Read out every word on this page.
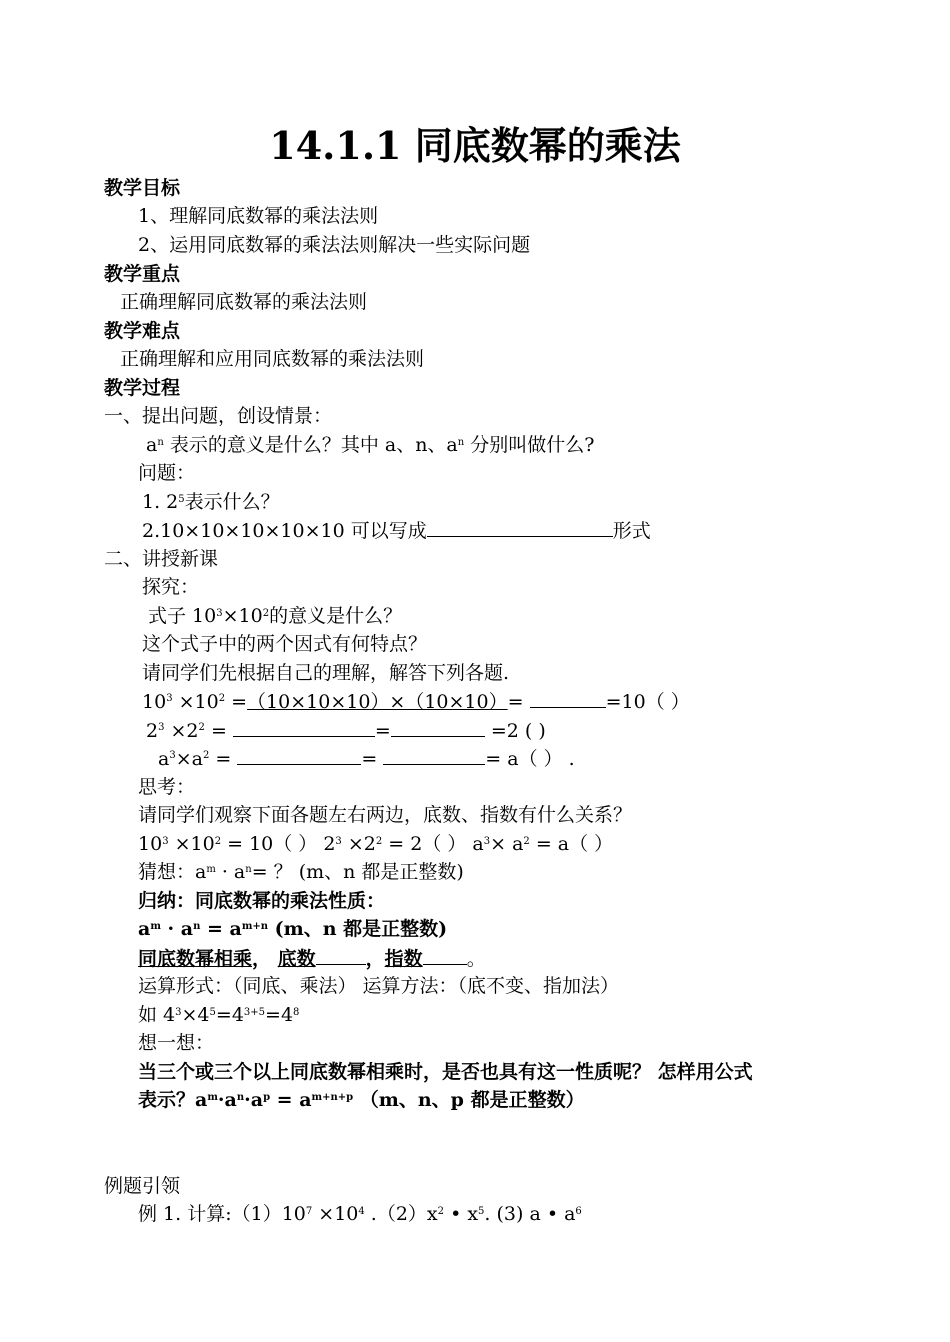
14.1.1 同底数幂的乘法
教学目标
1、理解同底数幂的乘法法则
2、运用同底数幂的乘法法则解决一些实际问题
教学重点
正确理解同底数幂的乘法法则
教学难点
正确理解和应用同底数幂的乘法法则
教学过程
一、提出问题，创设情景：
$a^n$ 表示的意义是什么？其中 a、n、$a^n$ 分别叫做什么?
问题：
1. $2^5$表示什么？
2.10×10×10×10×10 可以写成	形式
二、讲授新课
探究：
式子 $10^3\times 10^2$的意义是什么？
这个式子中的两个因式有何特点？
请同学们先根据自己的理解，解答下列各题.
$10^3 \times 10^2 =(10\times 10\times 10)\times(10\times 10)=$	=10（ ）
$2^3 \times 2^2$ =	=	=2 ( )
$a^3\times a^2$ =	=	= a（ ） .
思考：
请同学们观察下面各题左右两边，底数、指数有什么关系？
$10^3 \times 10^2 = 10$（ ） $2^3 \times 2^2 = 2$（ ） $a^3\times a^2 = a$（ ）
猜想：$a^m \cdot a^n=$ ？ (m、n 都是正整数)
归纳：同底数幂的乘法性质：
$a^m \cdot a^n = a^{m+n}$ (m、n 都是正整数)
同底数幂相乘， 底数	，指数 。
运算形式：（同底、乘法） 运算方法：（底不变、指加法）
如 $4^3\times 4^5=4^{3+5}=4^8$
想一想：
当三个或三个以上同底数幂相乘时，是否也具有这一性质呢？ 怎样用公式
表示？$a^m\cdot a^n\cdot a^p = a^{m+n+p}$ （m、n、p 都是正整数）
例题引领
例 1. 计算$:(1)10^7 \times 10^4$ $.(2)x^2$ • $x^5$. (3) a • $a^6$
